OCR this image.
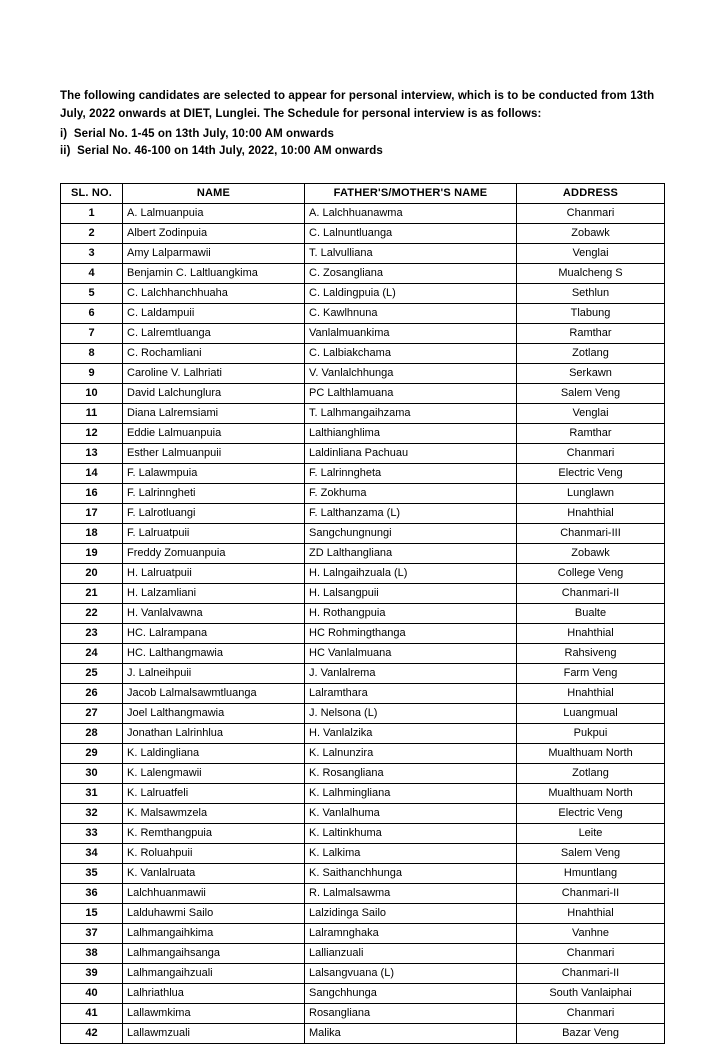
The following candidates are selected to appear for personal interview, which is to be conducted from 13th July, 2022 onwards at DIET, Lunglei. The Schedule for personal interview is as follows:

i)  Serial No. 1-45 on 13th July, 10:00 AM onwards

ii)  Serial No. 46-100 on 14th July, 2022, 10:00 AM onwards

SL. NO.	NAME	FATHER'S/MOTHER'S NAME	ADDRESS
1	A. Lalmuanpuia	A. Lalchhuanawma	Chanmari
2	Albert Zodinpuia	C. Lalnuntluanga	Zobawk
3	Amy Lalparmawii	T. Lalvulliana	Venglai
4	Benjamin C. Laltluangkima	C. Zosangliana	Mualcheng S
5	C. Lalchhanchhuaha	C. Laldingpuia (L)	Sethlun
6	C. Laldampuii	C. Kawlhnuna	Tlabung
7	C. Lalremtluanga	Vanlalmuankima	Ramthar
8	C. Rochamliani	C. Lalbiakchama	Zotlang
9	Caroline V. Lalhriati	V. Vanlalchhunga	Serkawn
10	David Lalchunglura	PC Lalthlamuana	Salem Veng
11	Diana Lalremsiami	T. Lalhmangaihzama	Venglai
12	Eddie Lalmuanpuia	Lalthianghlima	Ramthar
13	Esther Lalmuanpuii	Laldinliana Pachuau	Chanmari
14	F. Lalawmpuia	F. Lalrinngheta	Electric Veng
16	F. Lalrinngheti	F. Zokhuma	Lunglawn
17	F. Lalrotluangi	F. Lalthanzama (L)	Hnahthial
18	F. Lalruatpuii	Sangchungnungi	Chanmari-III
19	Freddy Zomuanpuia	ZD Lalthangliana	Zobawk
20	H. Lalruatpuii	H. Lalngaihzuala (L)	College Veng
21	H. Lalzamliani	H. Lalsangpuii	Chanmari-II
22	H. Vanlalvawna	H. Rothangpuia	Bualte
23	HC. Lalrampana	HC Rohmingthanga	Hnahthial
24	HC. Lalthangmawia	HC Vanlalmuana	Rahsiveng
25	J. Lalneihpuii	J. Vanlalrema	Farm Veng
26	Jacob Lalmalsawmtluanga	Lalramthara	Hnahthial
27	Joel Lalthangmawia	J. Nelsona (L)	Luangmual
28	Jonathan Lalrinhlua	H. Vanlalzika	Pukpui
29	K. Laldingliana	K. Lalnunzira	Mualthuam North
30	K. Lalengmawii	K. Rosangliana	Zotlang
31	K. Lalruatfeli	K. Lalhmingliana	Mualthuam North
32	K. Malsawmzela	K. Vanlalhuma	Electric Veng
33	K. Remthangpuia	K. Laltinkhuma	Leite
34	K. Roluahpuii	K. Lalkima	Salem Veng
35	K. Vanlalruata	K. Saithanchhunga	Hmuntlang
36	Lalchhuanmawii	R. Lalmalsawma	Chanmari-II
15	Lalduhawmi Sailo	Lalzidinga Sailo	Hnahthial
37	Lalhmangaihkima	Lalramnghaka	Vanhne
38	Lalhmangaihsanga	Lallianzuali	Chanmari
39	Lalhmangaihzuali	Lalsangvuana (L)	Chanmari-II
40	Lalhriathlua	Sangchhunga	South Vanlaiphai
41	Lallawmkima	Rosangliana	Chanmari
42	Lallawmzuali	Malika	Bazar Veng
